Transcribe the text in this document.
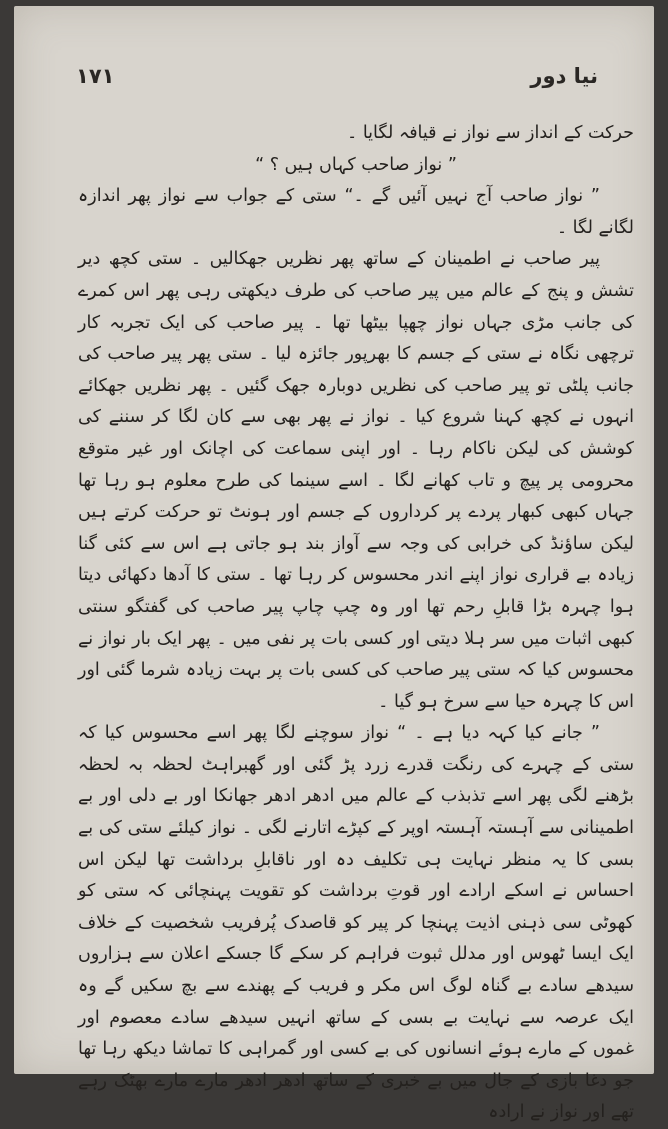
۱۷۱	نیا دور

حرکت کے انداز سے نواز نے قیافہ لگایا ۔

” نواز صاحب کہاں ہیں ؟ “

” نواز صاحب آج نہیں آئیں گے ۔“ ستی کے جواب سے نواز پھر اندازہ لگانے لگا ۔

پیر صاحب نے اطمینان کے ساتھ پھر نظریں جھکالیں ۔ ستی کچھ دیر تشش و پنج کے عالم میں پیر صاحب کی طرف دیکھتی رہی پھر اس کمرے کی جانب مڑی جہاں نواز چھپا بیٹھا تھا ۔ پیر صاحب کی ایک تجربہ کار ترچھی نگاہ نے ستی کے جسم کا بھرپور جائزہ لیا ۔ ستی پھر پیر صاحب کی جانب پلٹی تو پیر صاحب کی نظریں دوبارہ جھک گئیں ۔ پھر نظریں جھکائے انہوں نے کچھ کہنا شروع کیا ۔ نواز نے پھر بھی سے کان لگا کر سننے کی کوشش کی لیکن ناکام رہا ۔ اور اپنی سماعت کی اچانک اور غیر متوقع محرومی پر پیچ و تاب کھانے لگا ۔ اسے سینما کی طرح معلوم ہو رہا تھا جہاں کبھی کبھار پردے پر کرداروں کے جسم اور ہونٹ تو حرکت کرتے ہیں لیکن ساؤنڈ کی خرابی کی وجہ سے آواز بند ہو جاتی ہے اس سے کئی گنا زیادہ بے قراری نواز اپنے اندر محسوس کر رہا تھا ۔ ستی کا آدھا دکھائی دیتا ہوا چہرہ بڑا قابلِ رحم تھا اور وہ چپ چاپ پیر صاحب کی گفتگو سنتی کبھی اثبات میں سر ہلا دیتی اور کسی بات پر نفی میں ۔ پھر ایک بار نواز نے محسوس کیا کہ ستی پیر صاحب کی کسی بات پر بہت زیادہ شرما گئی اور اس کا چہرہ حیا سے سرخ ہو گیا ۔

” جانے کیا کہہ دیا ہے ۔ “ نواز سوچنے لگا پھر اسے محسوس کیا کہ ستی کے چہرے کی رنگت قدرے زرد پڑ گئی اور گھبراہٹ لحظہ بہ لحظہ بڑھنے لگی پھر اسے تذبذب کے عالم میں ادھر ادھر جھانکا اور بے دلی اور بے اطمینانی سے آہستہ آہستہ اوپر کے کپڑے اتارنے لگی ۔ نواز کیلئے ستی کی بے بسی کا یہ منظر نہایت ہی تکلیف دہ اور ناقابلِ برداشت تھا لیکن اس احساس نے اسکے ارادے اور قوتِ برداشت کو تقویت پہنچائی کہ ستی کو کھوٹی سی ذہنی اذیت پہنچا کر پیر کو قاصدک پُرفریب شخصیت کے خلاف ایک ایسا ٹھوس اور مدلل ثبوت فراہم کر سکے گا جسکے اعلان سے ہزاروں سیدھے سادے بے گناہ لوگ اس مکر و فریب کے پھندے سے بچ سکیں گے وہ ایک عرصہ سے نہایت بے بسی کے ساتھ انہیں سیدھے سادے معصوم اور غموں کے مارے ہوئے انسانوں کی بے کسی اور گمراہی کا تماشا دیکھ رہا تھا جو دغا بازی کے جال میں بے خبری کے ساتھ ادھر ادھر مارے مارے بھٹک رہے تھے اور نواز نے ارادہ
